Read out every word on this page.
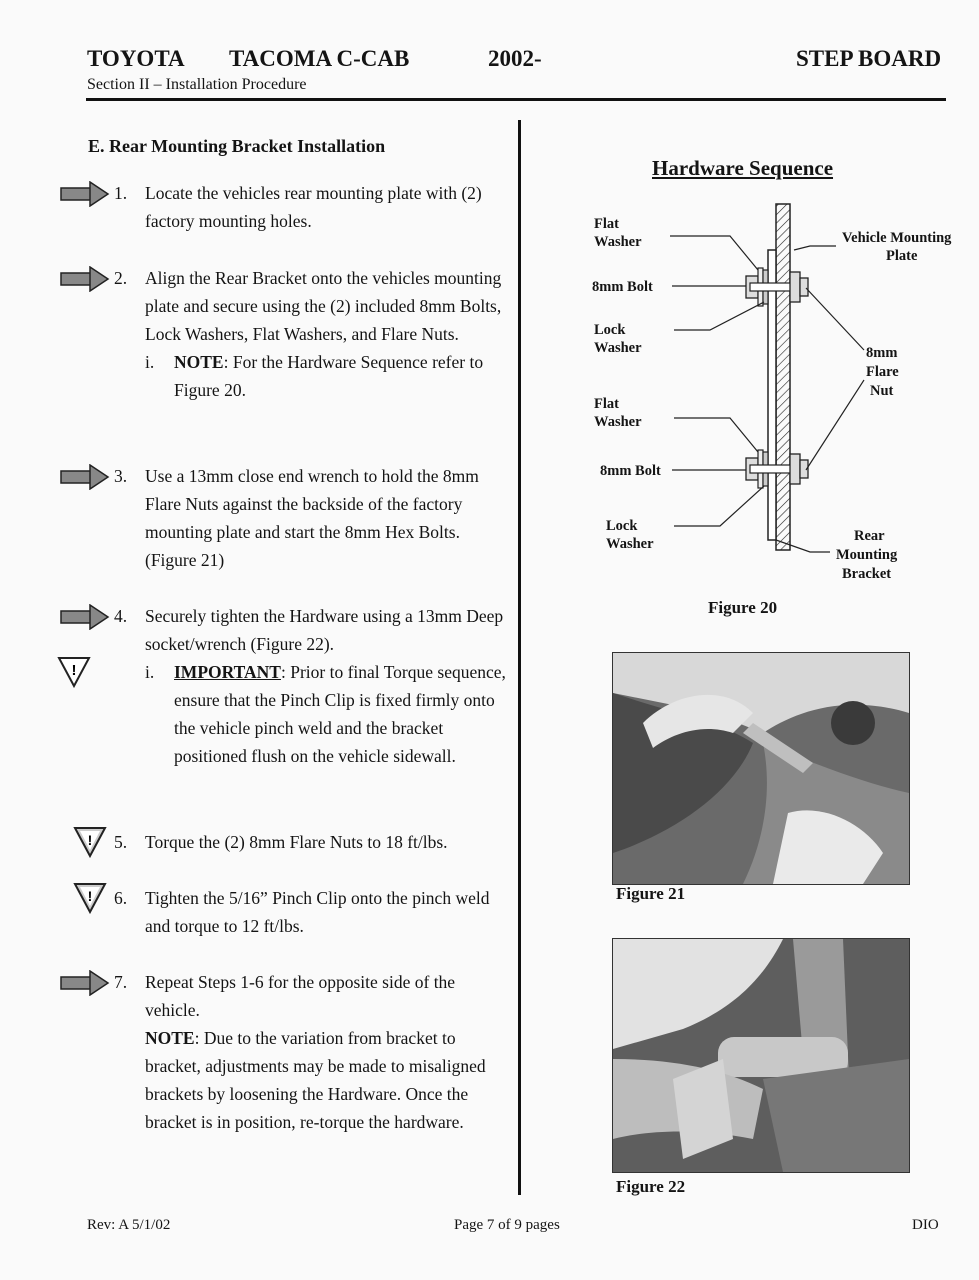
TOYOTA TACOMA C-CAB	2002-	STEP BOARD
Section II – Installation Procedure
E. Rear Mounting Bracket Installation
1. Locate the vehicles rear mounting plate with (2) factory mounting holes.
2. Align the Rear Bracket onto the vehicles mounting plate and secure using the (2) included 8mm Bolts, Lock Washers, Flat Washers, and Flare Nuts.
i. NOTE: For the Hardware Sequence refer to Figure 20.
3. Use a 13mm close end wrench to hold the 8mm Flare Nuts against the backside of the factory mounting plate and start the 8mm Hex Bolts. (Figure 21)
4. Securely tighten the Hardware using a 13mm Deep socket/wrench (Figure 22).
!	i. IMPORTANT: Prior to final Torque sequence, ensure that the Pinch Clip is fixed firmly onto the vehicle pinch weld and the bracket positioned flush on the vehicle sidewall.
! 5. Torque the (2) 8mm Flare Nuts to 18 ft/lbs.
! 6. Tighten the 5/16” Pinch Clip onto the pinch weld and torque to 12 ft/lbs.
7. Repeat Steps 1-6 for the opposite side of the vehicle.
NOTE: Due to the variation from bracket to bracket, adjustments may be made to misaligned brackets by loosening the Hardware. Once the bracket is in position, re-torque the hardware.
Hardware Sequence
Flat
Washer
8mm Bolt
Lock
Washer
Flat
Washer
8mm Bolt
Lock
Washer
Vehicle Mounting
Plate
8mm
Flare
Nut
Rear
Mounting
Bracket
Figure 20
Figure 21
Figure 22
Rev: A 5/1/02	Page 7 of 9 pages	DIO
